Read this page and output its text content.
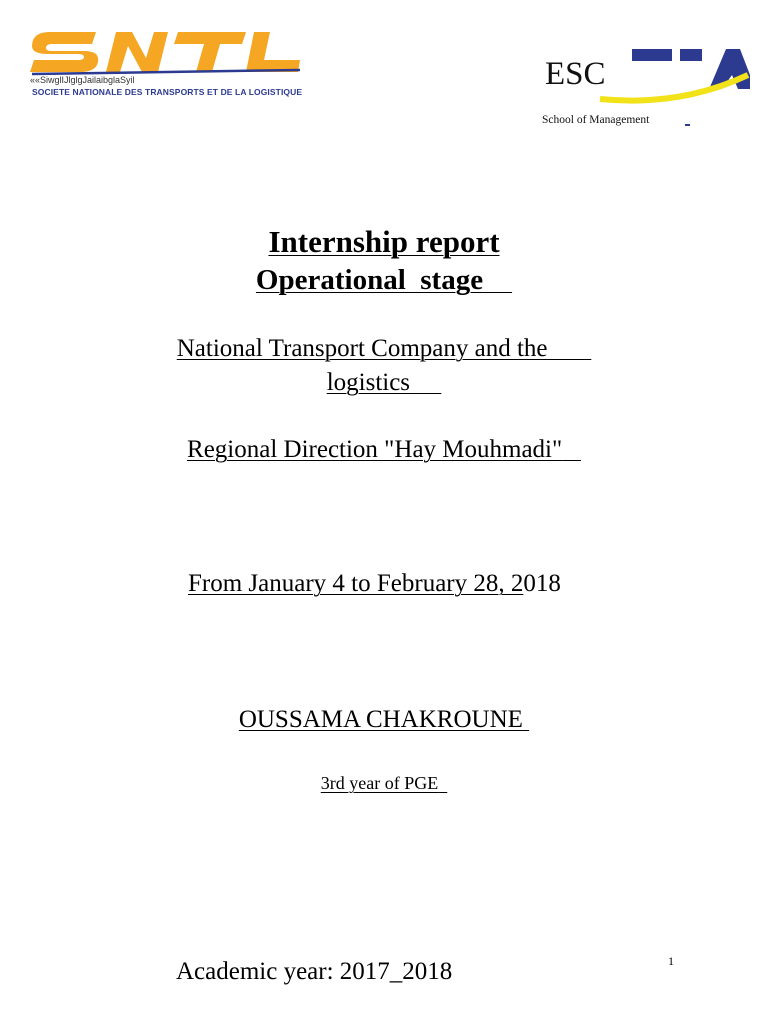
««SiwglIJlglgJailaibglaSyil
SOCIETE NATIONALE DES TRANSPORTS ET DE LA LOGISTIQUE	ESC
School of Management
Internship report
Operational  stage
National Transport Company and the
logistics
Regional Direction "Hay Mouhmadi"
From January 4 to February 28, 2018
OUSSAMA CHAKROUNE
3rd year of PGE
Academic year: 2017_2018	1
